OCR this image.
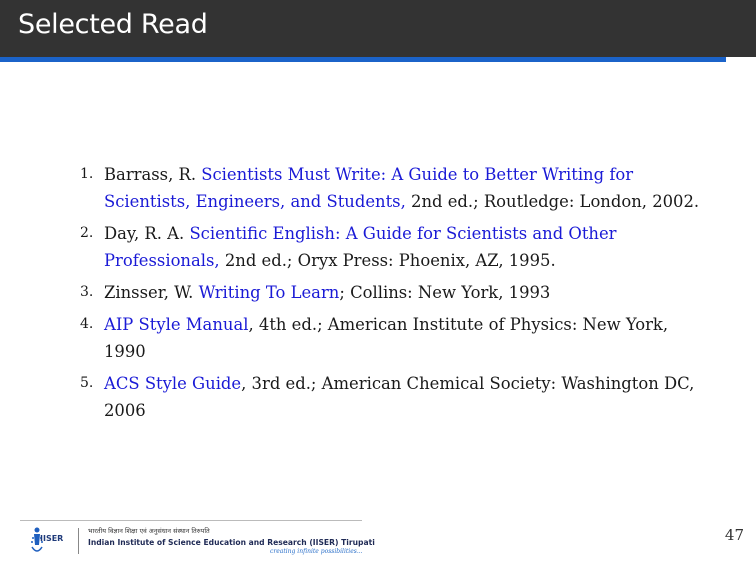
Selected Read
1. Barrass, R. Scientists Must Write: A Guide to Better Writing for Scientists, Engineers, and Students, 2nd ed.; Routledge: London, 2002.
2. Day, R. A. Scientific English: A Guide for Scientists and Other Professionals, 2nd ed.; Oryx Press: Phoenix, AZ, 1995.
3. Zinsser, W. Writing To Learn; Collins: New York, 1993
4. AIP Style Manual, 4th ed.; American Institute of Physics: New York, 1990
5. ACS Style Guide, 3rd ed.; American Chemical Society: Washington DC, 2006
IISER
भारतीय विज्ञान शिक्षा एवं अनुसंधान संस्थान तिरुपति
Indian Institute of Science Education and Research (IISER) Tirupati
creating infinite possibilities...
47
